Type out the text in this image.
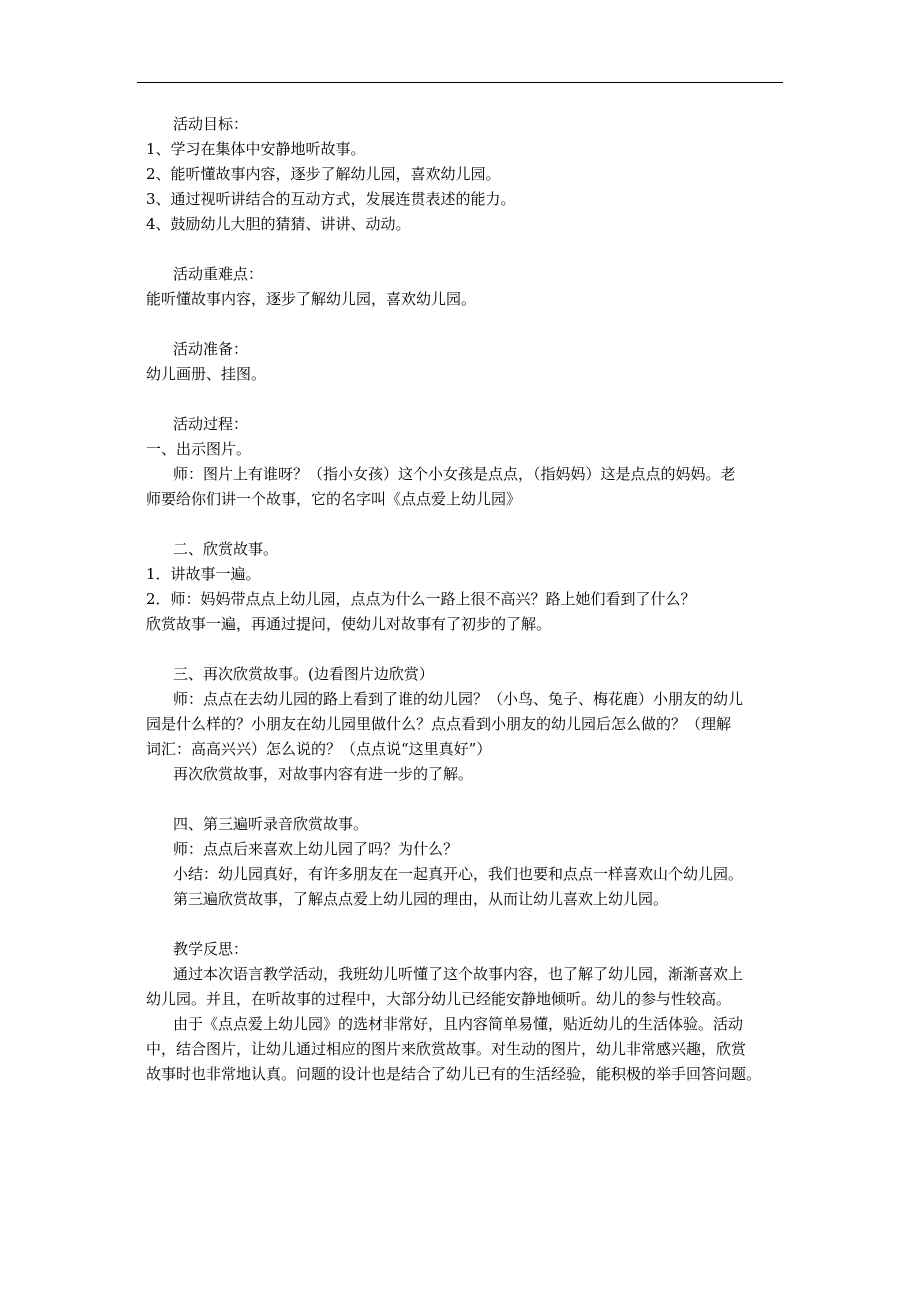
活动目标：
1、学习在集体中安静地听故事。
2、能听懂故事内容，逐步了解幼儿园，喜欢幼儿园。
3、通过视听讲结合的互动方式，发展连贯表述的能力。
4、鼓励幼儿大胆的猜猜、讲讲、动动。
活动重难点：
能听懂故事内容，逐步了解幼儿园，喜欢幼儿园。
活动准备：
幼儿画册、挂图。
活动过程：
一、出示图片。
师：图片上有谁呀？（指小女孩）这个小女孩是点点，（指妈妈）这是点点的妈妈。老
师要给你们讲一个故事，它的名字叫《点点爱上幼儿园》
二、欣赏故事。
1．讲故事一遍。
2．师：妈妈带点点上幼儿园，点点为什么一路上很不高兴？路上她们看到了什么？
欣赏故事一遍，再通过提问，使幼儿对故事有了初步的了解。
三、再次欣赏故事。(边看图片边欣赏）
师：点点在去幼儿园的路上看到了谁的幼儿园？（小鸟、兔子、梅花鹿）小朋友的幼儿
园是什么样的？小朋友在幼儿园里做什么？点点看到小朋友的幼儿园后怎么做的？（理解
词汇：高高兴兴）怎么说的？（点点说“这里真好”）
再次欣赏故事，对故事内容有进一步的了解。
四、第三遍听录音欣赏故事。
师：点点后来喜欢上幼儿园了吗？为什么？
小结：幼儿园真好，有许多朋友在一起真开心，我们也要和点点一样喜欢山个幼儿园。
第三遍欣赏故事，了解点点爱上幼儿园的理由，从而让幼儿喜欢上幼儿园。
教学反思：
通过本次语言教学活动，我班幼儿听懂了这个故事内容，也了解了幼儿园，渐渐喜欢上
幼儿园。并且，在听故事的过程中，大部分幼儿已经能安静地倾听。幼儿的参与性较高。
由于《点点爱上幼儿园》的选材非常好，且内容简单易懂，贴近幼儿的生活体验。活动
中，结合图片，让幼儿通过相应的图片来欣赏故事。对生动的图片，幼儿非常感兴趣，欣赏
故事时也非常地认真。问题的设计也是结合了幼儿已有的生活经验，能积极的举手回答问题。
